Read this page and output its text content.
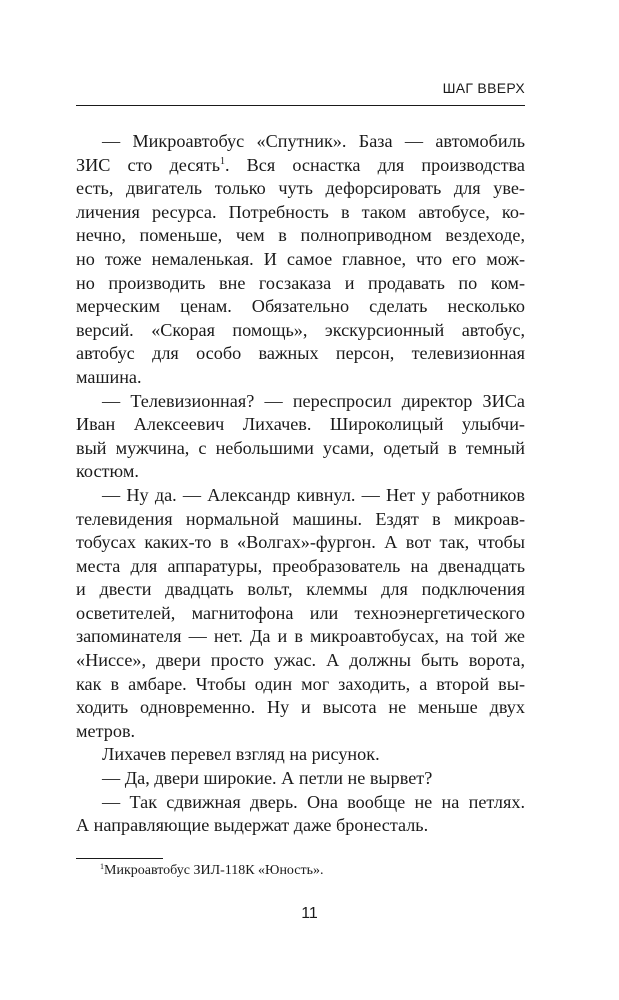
ШАГ ВВЕРХ
— Микроавтобус «Спутник». База — автомобиль
ЗИС сто десять$^1$. Вся оснастка для производства
есть, двигатель только чуть дефорсировать для уве-
личения ресурса. Потребность в таком автобусе, ко-
нечно, поменьше, чем в полноприводном вездеходе,
но тоже немаленькая. И самое главное, что его мож-
но производить вне госзаказа и продавать по ком-
мерческим ценам. Обязательно сделать несколько
версий. «Скорая помощь», экскурсионный автобус,
автобус для особо важных персон, телевизионная
машина.
— Телевизионная? — переспросил директор ЗИСа
Иван Алексеевич Лихачев. Широколицый улыбчи-
вый мужчина, с небольшими усами, одетый в темный
костюм.
— Ну да. — Александр кивнул. — Нет у работников
телевидения нормальной машины. Ездят в микроав-
тобусах каких-то в «Волгах»-фургон. А вот так, чтобы
места для аппаратуры, преобразователь на двенадцать
и двести двадцать вольт, клеммы для подключения
осветителей, магнитофона или техноэнергетического
запоминателя — нет. Да и в микроавтобусах, на той же
«Ниссе», двери просто ужас. А должны быть ворота,
как в амбаре. Чтобы один мог заходить, а второй вы-
ходить одновременно. Ну и высота не меньше двух
метров.
Лихачев перевел взгляд на рисунок.
— Да, двери широкие. А петли не вырвет?
— Так сдвижная дверь. Она вообще не на петлях.
А направляющие выдержат даже бронесталь.
$^1$Микроавтобус ЗИЛ-118К «Юность».
11
